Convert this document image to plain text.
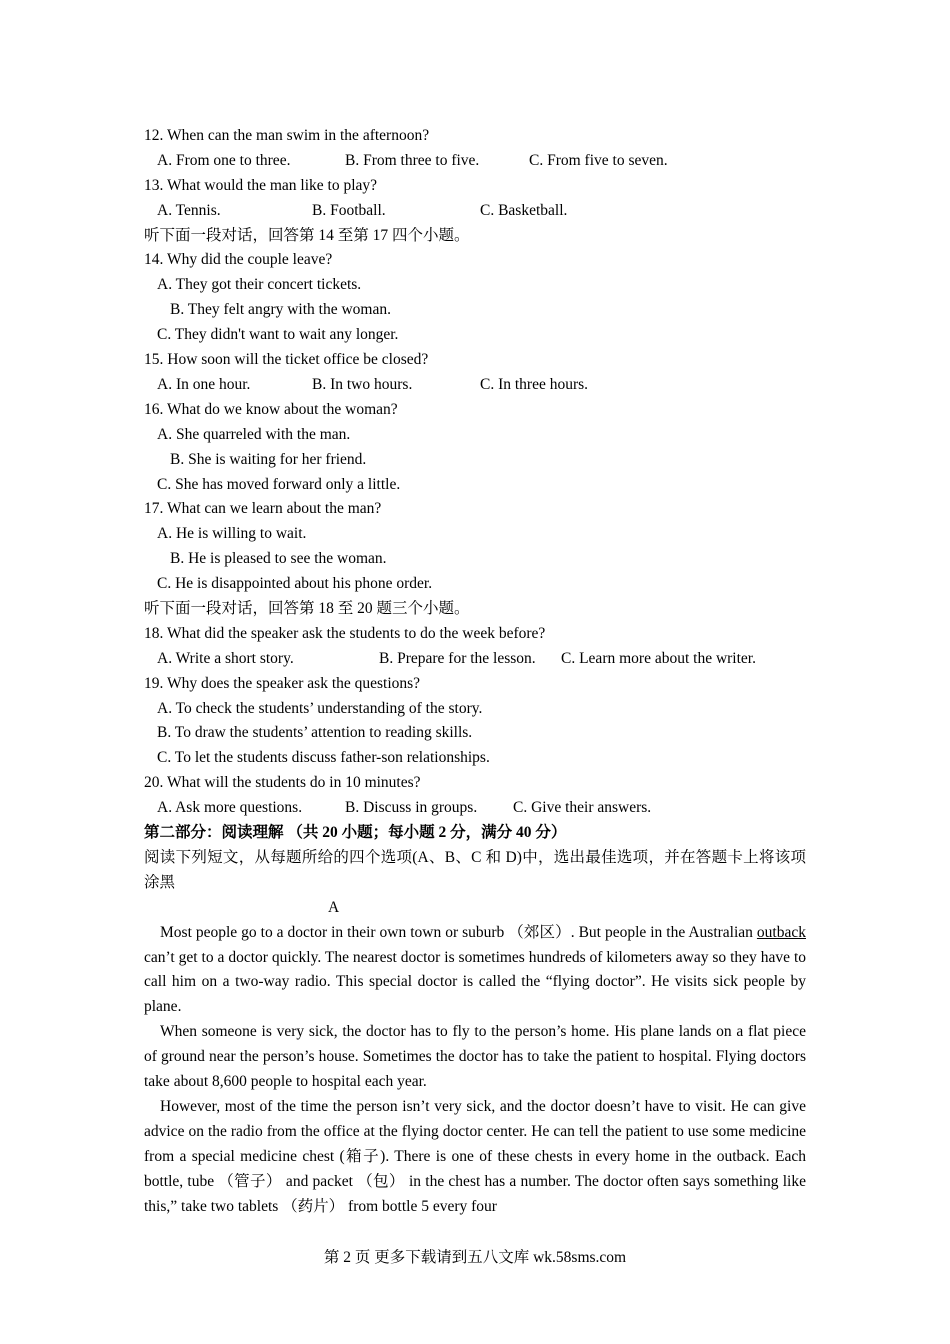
12. When can the man swim in the afternoon?
A. From one to three.	B. From three to five.	C. From five to seven.
13. What would the man like to play?
A. Tennis.	B. Football.	C. Basketball.
听下面一段对话，回答第 14 至第 17 四个小题。
14. Why did the couple leave?
A. They got their concert tickets.
B. They felt angry with the woman.
C. They didn't want to wait any longer.
15. How soon will the ticket office be closed?
A. In one hour.	B. In two hours.	C. In three hours.
16. What do we know about the woman?
A. She quarreled with the man.
B. She is waiting for her friend.
C. She has moved forward only a little.
17. What can we learn about the man?
A. He is willing to wait.
B. He is pleased to see the woman.
C. He is disappointed about his phone order.
听下面一段对话，回答第 18 至 20 题三个小题。
18. What did the speaker ask the students to do the week before?
A. Write a short story.	B. Prepare for the lesson.	C. Learn more about the writer.
19. Why does the speaker ask the questions?
A. To check the students’ understanding of the story.
B. To draw the students’ attention to reading skills.
C. To let the students discuss father-son relationships.
20. What will the students do in 10 minutes?
A. Ask more questions.	B. Discuss in groups.	C. Give their answers.
第二部分：阅读理解 （共 20 小题；每小题 2 分，满分 40 分）
阅读下列短文，从每题所给的四个选项(A、B、C 和 D)中，选出最佳选项，并在答题卡上将该项涂黑
A

Most people go to a doctor in their own town or suburb （郊区）. But people in the Australian outback can’t get to a doctor quickly. The nearest doctor is sometimes hundreds of kilometers away so they have to call him on a two-way radio. This special doctor is called the “flying doctor”. He visits sick people by plane.

When someone is very sick, the doctor has to fly to the person’s home. His plane lands on a flat piece of ground near the person’s house. Sometimes the doctor has to take the patient to hospital. Flying doctors take about 8,600 people to hospital each year.

However, most of the time the person isn’t very sick, and the doctor doesn’t have to visit. He can give advice on the radio from the office at the flying doctor center. He can tell the patient to use some medicine from a special medicine chest (箱子). There is one of these chests in every home in the outback. Each bottle, tube （管子） and packet （包） in the chest has a number. The doctor often says something like this,” take two tablets （药片） from bottle 5 every four

第 2 页 更多下载请到五八文库 wk.58sms.com
